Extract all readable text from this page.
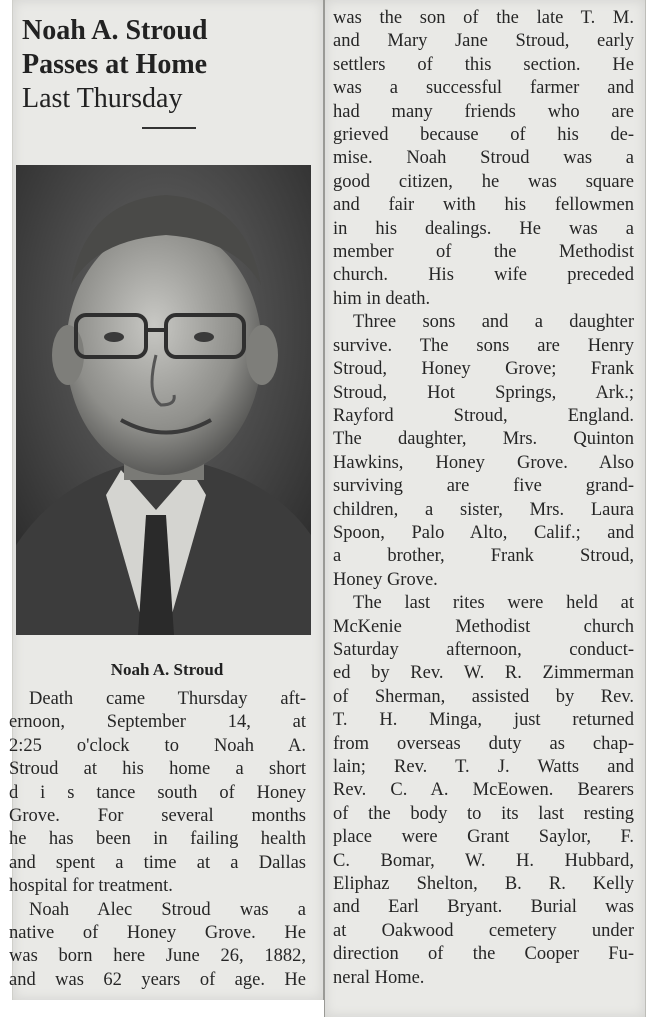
Noah A. Stroud
Passes at Home
Last Thursday

Noah A. Stroud

Death came Thursday aft-
ernoon, September 14, at
2:25 o'clock to Noah A.
Stroud at his home a short
d i s tance south of Honey
Grove. For several months
he has been in failing health
and spent a time at a Dallas
hospital for treatment.
Noah Alec Stroud was a
native of Honey Grove. He
was born here June 26, 1882,
and was 62 years of age. He
was the son of the late T. M.
and Mary Jane Stroud, early
settlers of this section. He
was a successful farmer and
had many friends who are
grieved because of his de-
mise. Noah Stroud was a
good citizen, he was square
and fair with his fellowmen
in his dealings. He was a
member of the Methodist
church. His wife preceded
him in death.
Three sons and a daughter
survive. The sons are Henry
Stroud, Honey Grove; Frank
Stroud, Hot Springs, Ark.;
Rayford Stroud, England.
The daughter, Mrs. Quinton
Hawkins, Honey Grove. Also
surviving are five grand-
children, a sister, Mrs. Laura
Spoon, Palo Alto, Calif.; and
a brother, Frank Stroud,
Honey Grove.
The last rites were held at
McKenie Methodist church
Saturday afternoon, conduct-
ed by Rev. W. R. Zimmerman
of Sherman, assisted by Rev.
T. H. Minga, just returned
from overseas duty as chap-
lain; Rev. T. J. Watts and
Rev. C. A. McEowen. Bearers
of the body to its last resting
place were Grant Saylor, F.
C. Bomar, W. H. Hubbard,
Eliphaz Shelton, B. R. Kelly
and Earl Bryant. Burial was
at Oakwood cemetery under
direction of the Cooper Fu-
neral Home.
